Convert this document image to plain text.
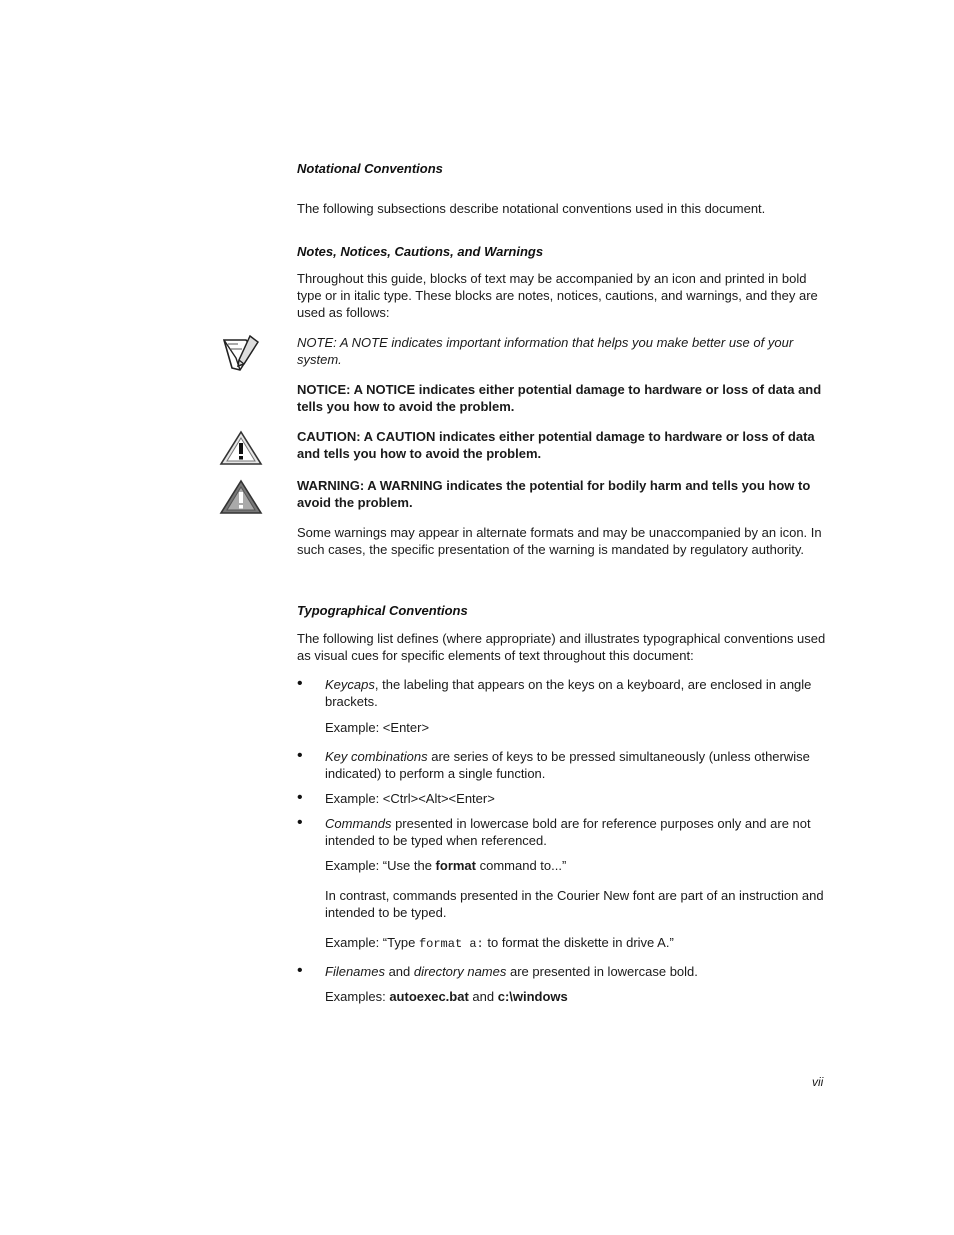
Notational Conventions

The following subsections describe notational conventions used in this document.

Notes, Notices, Cautions, and Warnings

Throughout this guide, blocks of text may be accompanied by an icon and printed in bold type or in italic type. These blocks are notes, notices, cautions, and warnings, and they are used as follows:

NOTE: A NOTE indicates important information that helps you make better use of your system.

NOTICE: A NOTICE indicates either potential damage to hardware or loss of data and tells you how to avoid the problem.

CAUTION: A CAUTION indicates either potential damage to hardware or loss of data and tells you how to avoid the problem.

WARNING: A WARNING indicates the potential for bodily harm and tells you how to avoid the problem.

Some warnings may appear in alternate formats and may be unaccompanied by an icon. In such cases, the specific presentation of the warning is mandated by regulatory authority.

Typographical Conventions

The following list defines (where appropriate) and illustrates typographical conventions used as visual cues for specific elements of text throughout this document:

• Keycaps, the labeling that appears on the keys on a keyboard, are enclosed in angle brackets.

Example: <Enter>

• Key combinations are series of keys to be pressed simultaneously (unless otherwise indicated) to perform a single function.

• Example: <Ctrl><Alt><Enter>

• Commands presented in lowercase bold are for reference purposes only and are not intended to be typed when referenced.

Example: “Use the format command to...”

In contrast, commands presented in the Courier New font are part of an instruction and intended to be typed.

Example: “Type format a: to format the diskette in drive A.”

• Filenames and directory names are presented in lowercase bold.

Examples: autoexec.bat and c:\windows

vii
